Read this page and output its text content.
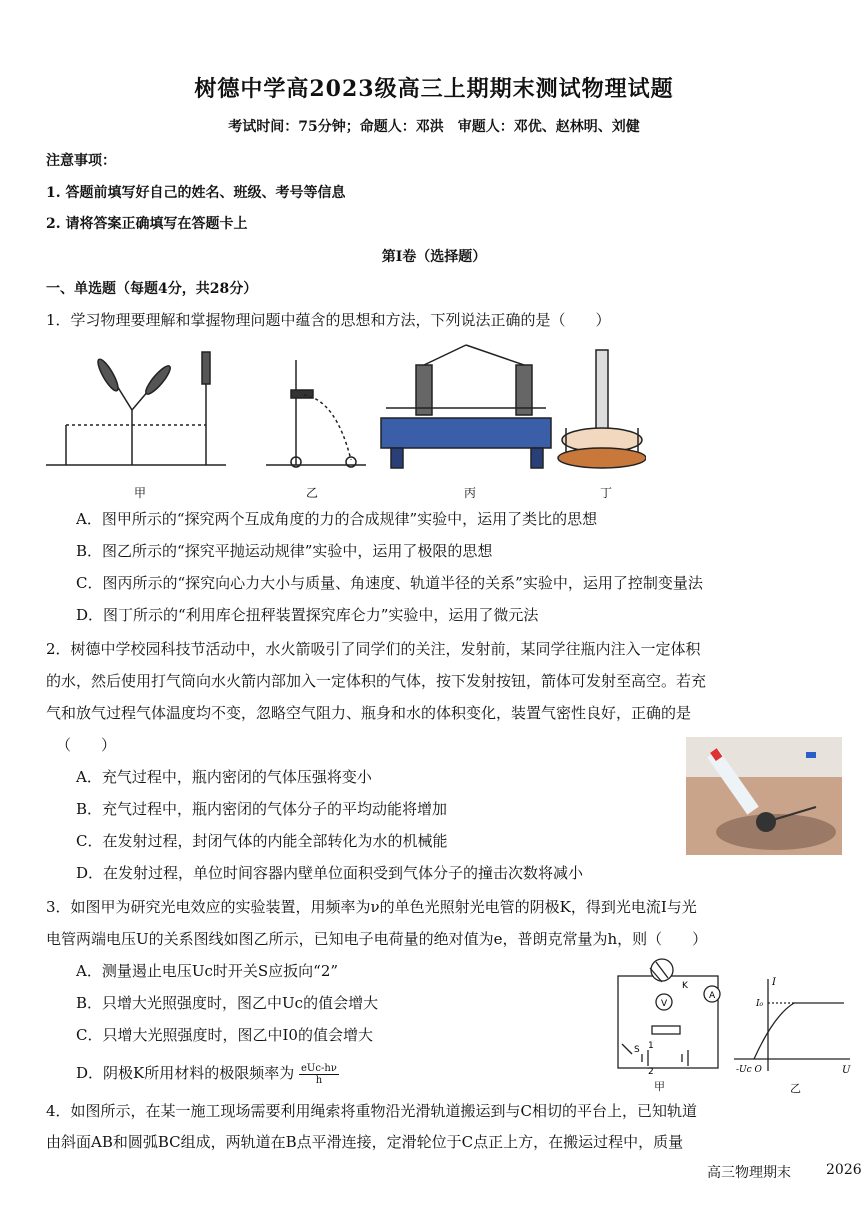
树德中学高2023级高三上期期末测试物理试题
考试时间：75分钟；命题人：邓洪　审题人：邓优、赵林明、刘健
注意事项：
1. 答题前填写好自己的姓名、班级、考号等信息
2. 请将答案正确填写在答题卡上
第Ⅰ卷（选择题）
一、单选题（每题4分，共28分）
1．学习物理要理解和掌握物理问题中蕴含的思想和方法，下列说法正确的是（　　）
甲	乙	丙	丁
A．图甲所示的“探究两个互成角度的力的合成规律”实验中，运用了类比的思想
B．图乙所示的“探究平抛运动规律”实验中，运用了极限的思想
C．图丙所示的“探究向心力大小与质量、角速度、轨道半径的关系”实验中，运用了控制变量法
D．图丁所示的“利用库仑扭秤装置探究库仑力”实验中，运用了微元法
2．树德中学校园科技节活动中，水火箭吸引了同学们的关注，发射前，某同学往瓶内注入一定体积
的水，然后使用打气筒向水火箭内部加入一定体积的气体，按下发射按钮，箭体可发射至高空。若充
气和放气过程气体温度均不变，忽略空气阻力、瓶身和水的体积变化，装置气密性良好，正确的是
（　　）
A．充气过程中，瓶内密闭的气体压强将变小
B．充气过程中，瓶内密闭的气体分子的平均动能将增加
C．在发射过程，封闭气体的内能全部转化为水的机械能
D．在发射过程，单位时间容器内壁单位面积受到气体分子的撞击次数将减小
3．如图甲为研究光电效应的实验装置，用频率为ν的单色光照射光电管的阴极K，得到光电流I与光
电管两端电压U的关系图线如图乙所示，已知电子电荷量的绝对值为e，普朗克常量为h，则（　　）
A．测量遏止电压Uc时开关S应扳向“2”
B．只增大光照强度时，图乙中Uc的值会增大
C．只增大光照强度时，图乙中I0的值会增大
D．阴极K所用材料的极限频率为 $\frac{\text{eUc-hν}}{h}$
V
A
K
S 1
2
甲
I
I₀
-Uc O	U
乙
4．如图所示，在某一施工现场需要利用绳索将重物沿光滑轨道搬运到与C相切的平台上，已知轨道
由斜面AB和圆弧BC组成，两轨道在B点平滑连接，定滑轮位于C点正上方，在搬运过程中，质量
高三物理期末	2026
